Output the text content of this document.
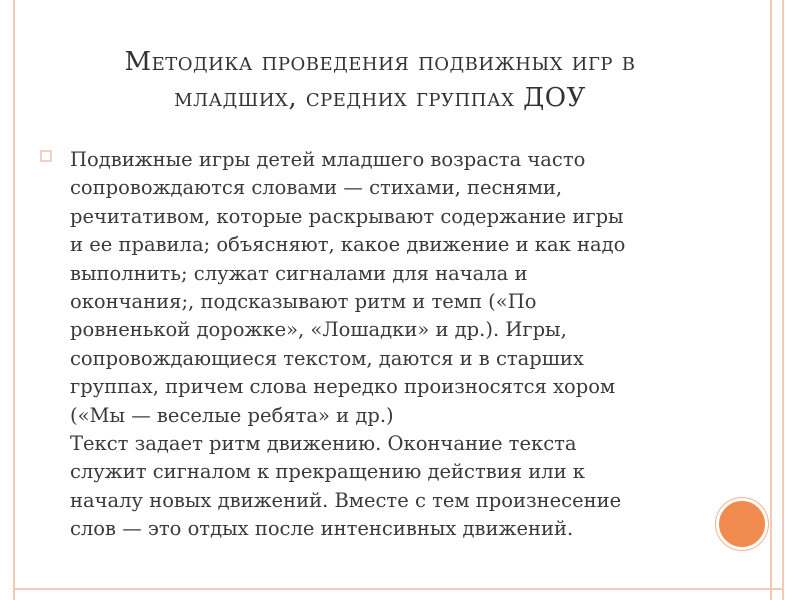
Методика проведения подвижных игр в
младших, средних группах ДОУ
Подвижные игры детей младшего возраста часто
сопровождаются словами — стихами, песнями,
речитативом, которые раскрывают содержание игры
и ее правила; объясняют, какое движение и как надо
выполнить; служат сигналами для начала и
окончания;, подсказывают ритм и темп («По
ровненькой дорожке», «Лошадки» и др.). Игры,
сопровождающиеся текстом, даются и в старших
группах, причем слова нередко произносятся хором
(«Мы — веселые ребята» и др.)
Текст задает ритм движению. Окончание текста
служит сигналом к прекращению действия или к
началу новых движений. Вместе с тем произнесение
слов — это отдых после интенсивных движений.
